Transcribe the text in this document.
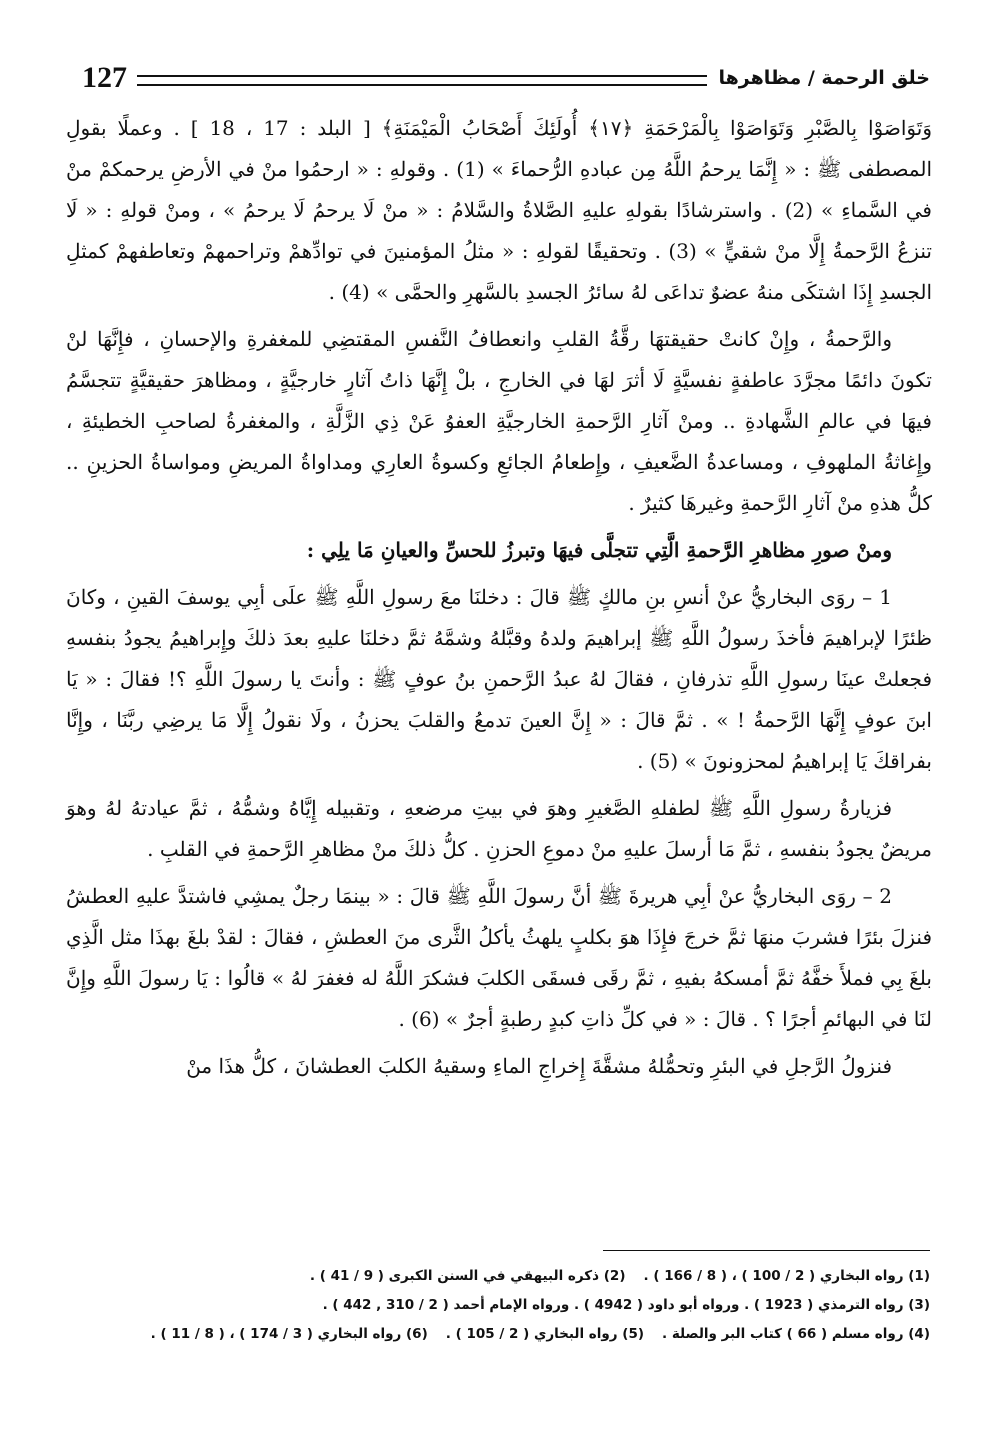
127	خلق الرحمة / مظاهرها

وَتَوَاصَوْا بِالصَّبْرِ وَتَوَاصَوْا بِالْمَرْحَمَةِ ﴿١٧﴾ أُولَئِكَ أَصْحَابُ الْمَيْمَنَةِ﴾ [ البلد : 17 ، 18 ] . وعملًا بقولِ المصطفى ﷺ : « إِنَّمَا يرحمُ اللَّهُ مِن عبادهِ الرُّحماءَ » (1) . وقولهِ : « ارحمُوا منْ في الأرضِ يرحمكمْ منْ في السَّماءِ » (2) . واسترشادًا بقولهِ عليهِ الصَّلاةُ والسَّلامُ : « منْ لَا يرحمُ لَا يرحمُ » ، ومنْ قولهِ : « لَا تنزعُ الرَّحمةُ إِلَّا منْ شقيٍّ » (3) . وتحقيقًا لقولهِ : « مثلُ المؤمنينَ في توادِّهمْ وتراحمهمْ وتعاطفهمْ كمثلِ الجسدِ إِذَا اشتكَى منهُ عضوٌ تداعَى لهُ سائرُ الجسدِ بالسَّهرِ والحمَّى » (4) .

والرَّحمةُ ، وإِنْ كانتْ حقيقتهَا رقَّةُ القلبِ وانعطافُ النَّفسِ المقتضِي للمغفرةِ والإحسانِ ، فإِنَّهَا لنْ تكونَ دائمًا مجرَّدَ عاطفةٍ نفسيَّةٍ لَا أثرَ لهَا في الخارجِ ، بلْ إِنَّهَا ذاتُ آثارٍ خارجيَّةٍ ، ومظاهرَ حقيقيَّةٍ تتجسَّمُ فيهَا في عالمِ الشَّهادةِ .. ومنْ آثارِ الرَّحمةِ الخارجيَّةِ العفوُ عَنْ ذِي الزَّلَّةِ ، والمغفرةُ لصاحبِ الخطيئةِ ، وإِغاثةُ الملهوفِ ، ومساعدةُ الضَّعيفِ ، وإِطعامُ الجائعِ وكسوةُ العارِي ومداواةُ المريضِ ومواساةُ الحزينِ .. كلُّ هذهِ منْ آثارِ الرَّحمةِ وغيرهَا كثيرٌ .

ومنْ صورِ مظاهرِ الرَّحمةِ الَّتِي تتجلَّى فيهَا وتبرزُ للحسِّ والعيانِ مَا يلِي :

1 – روَى البخاريُّ عنْ أنسِ بنِ مالكٍ ﷺ قالَ : دخلنَا معَ رسولِ اللَّهِ ﷺ علَى أبِي يوسفَ القينِ ، وكانَ ظئرًا لإبراهيمَ فأخذَ رسولُ اللَّهِ ﷺ إبراهيمَ ولدهُ وقبَّلهُ وشمَّهُ ثمَّ دخلنَا عليهِ بعدَ ذلكَ وإِبراهيمُ يجودُ بنفسهِ فجعلتْ عينَا رسولِ اللَّهِ تذرفانِ ، فقالَ لهُ عبدُ الرَّحمنِ بنُ عوفٍ ﷺ : وأنتَ يا رسولَ اللَّهِ ؟! فقالَ : « يَا ابنَ عوفٍ إِنَّهَا الرَّحمةُ ! » . ثمَّ قالَ : « إِنَّ العينَ تدمعُ والقلبَ يحزنُ ، ولَا نقولُ إِلَّا مَا يرضِي ربَّنَا ، وإِنَّا بفراقكَ يَا إبراهيمُ لمحزونونَ » (5) .

فزيارةُ رسولِ اللَّهِ ﷺ لطفلهِ الصَّغيرِ وهوَ في بيتِ مرضعهِ ، وتقبيله إِيَّاهُ وشمُّهُ ، ثمَّ عيادتهُ لهُ وهوَ مريضٌ يجودُ بنفسهِ ، ثمَّ مَا أرسلَ عليهِ منْ دموعِ الحزنِ . كلُّ ذلكَ منْ مظاهرِ الرَّحمةِ في القلبِ .

2 – روَى البخاريُّ عنْ أبِي هريرةَ ﷺ أنَّ رسولَ اللَّهِ ﷺ قالَ : « بينمَا رجلٌ يمشِي فاشتدَّ عليهِ العطشُ فنزلَ بئرًا فشربَ منهَا ثمَّ خرجَ فإِذَا هوَ بكلبٍ يلهثُ يأكلُ الثَّرى منَ العطشِ ، فقالَ : لقدْ بلغَ بهذَا مثل الَّذِي بلغَ بِي فملأَ خفَّهُ ثمَّ أمسكهُ بفيهِ ، ثمَّ رقَى فسقَى الكلبَ فشكرَ اللَّهُ له فغفرَ لهُ » قالُوا : يَا رسولَ اللَّهِ وإِنَّ لنَا في البهائمِ أجرًا ؟ . قالَ : « في كلِّ ذاتِ كبدٍ رطبةٍ أجرٌ » (6) .

فنزولُ الرَّجلِ في البئرِ وتحمُّلهُ مشقَّةَ إِخراجِ الماءِ وسقيهُ الكلبَ العطشانَ ، كلُّ هذَا منْ

(1) رواه البخاري ( 2 / 100 ) ، ( 8 / 166 ) .
(2) ذكره البيهقي في السنن الكبرى ( 9 / 41 ) .
(3) رواه الترمذي ( 1923 ) . ورواه أبو داود ( 4942 ) . ورواه الإمام أحمد ( 2 / 310 , 442 ) .
(4) رواه مسلم ( 66 ) كتاب البر والصلة .
(5) رواه البخاري ( 2 / 105 ) .
(6) رواه البخاري ( 3 / 174 ) ، ( 8 / 11 ) .
